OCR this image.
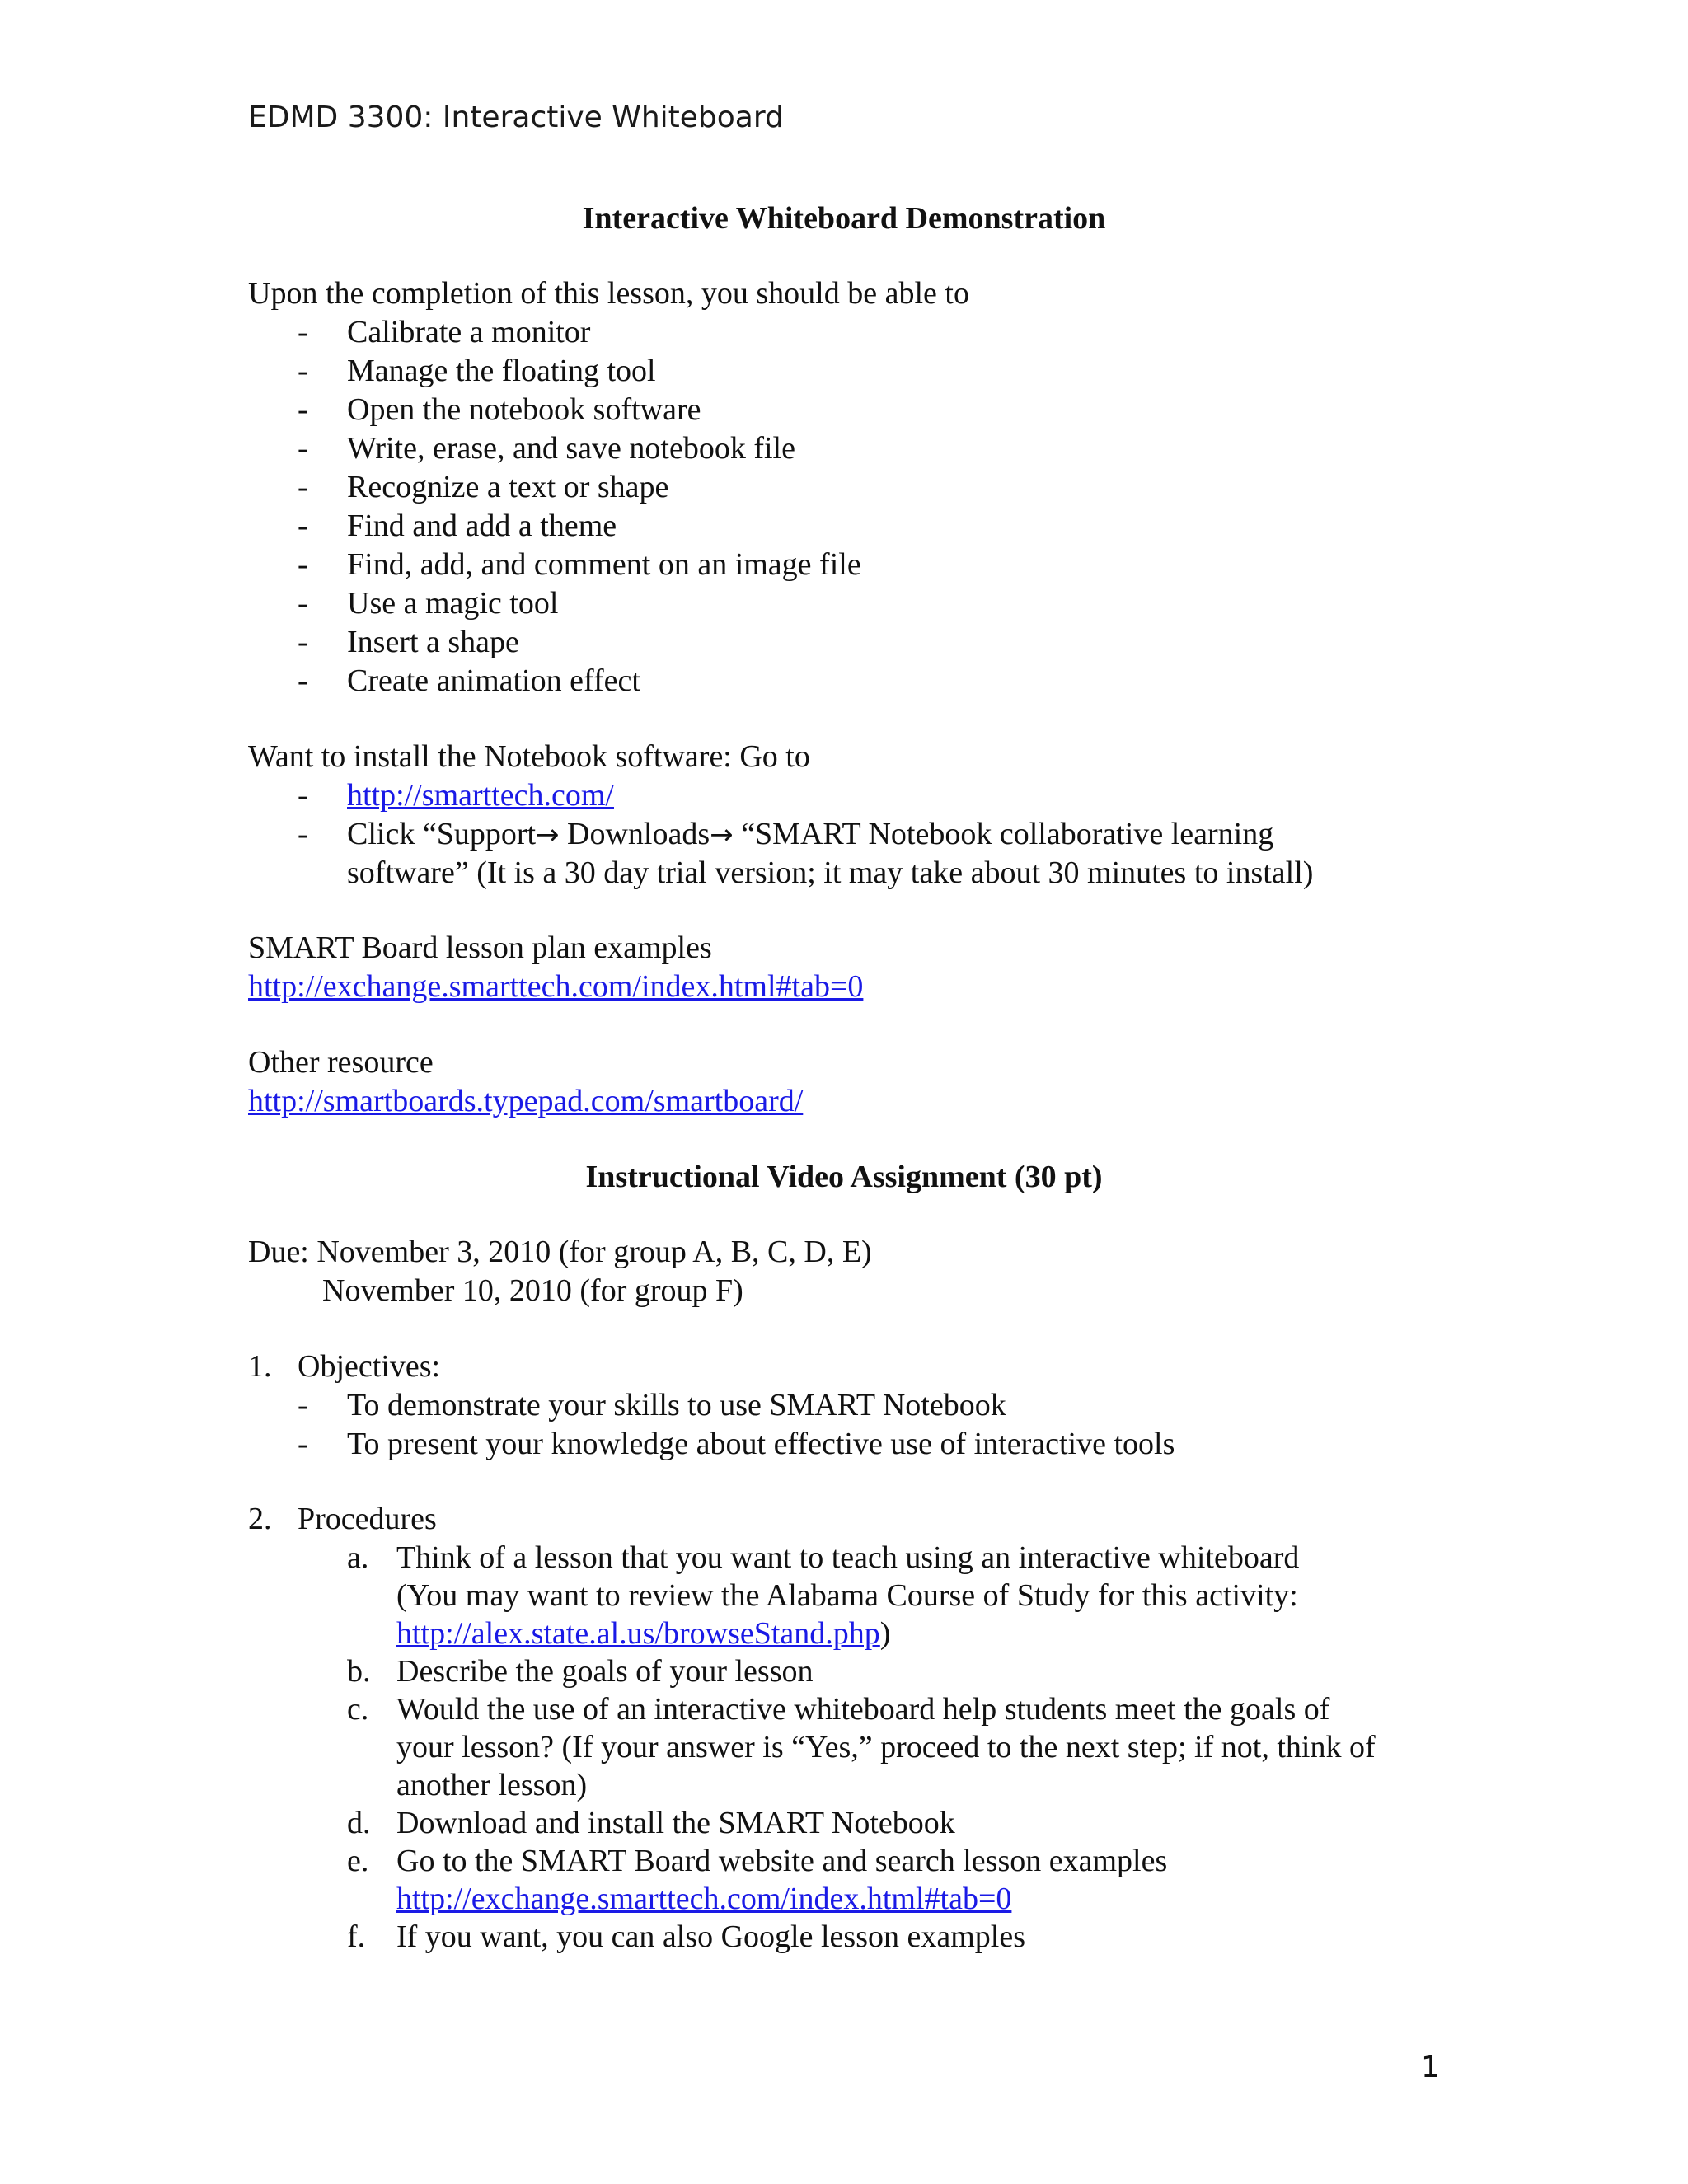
EDMD 3300: Interactive Whiteboard
Interactive Whiteboard Demonstration
Upon the completion of this lesson, you should be able to
- Calibrate a monitor
- Manage the floating tool
- Open the notebook software
- Write, erase, and save notebook file
- Recognize a text or shape
- Find and add a theme
- Find, add, and comment on an image file
- Use a magic tool
- Insert a shape
- Create animation effect
Want to install the Notebook software: Go to
- http://smarttech.com/
- Click “Support→ Downloads→ “SMART Notebook collaborative learning
software” (It is a 30 day trial version; it may take about 30 minutes to install)
SMART Board lesson plan examples
http://exchange.smarttech.com/index.html#tab=0
Other resource
http://smartboards.typepad.com/smartboard/
Instructional Video Assignment (30 pt)
Due: November 3, 2010 (for group A, B, C, D, E)
November 10, 2010 (for group F)
1. Objectives:
- To demonstrate your skills to use SMART Notebook
- To present your knowledge about effective use of interactive tools
2. Procedures
a. Think of a lesson that you want to teach using an interactive whiteboard
(You may want to review the Alabama Course of Study for this activity:
http://alex.state.al.us/browseStand.php)
b. Describe the goals of your lesson
c. Would the use of an interactive whiteboard help students meet the goals of
your lesson? (If your answer is “Yes,” proceed to the next step; if not, think of
another lesson)
d. Download and install the SMART Notebook
e. Go to the SMART Board website and search lesson examples
http://exchange.smarttech.com/index.html#tab=0
f. If you want, you can also Google lesson examples
1
